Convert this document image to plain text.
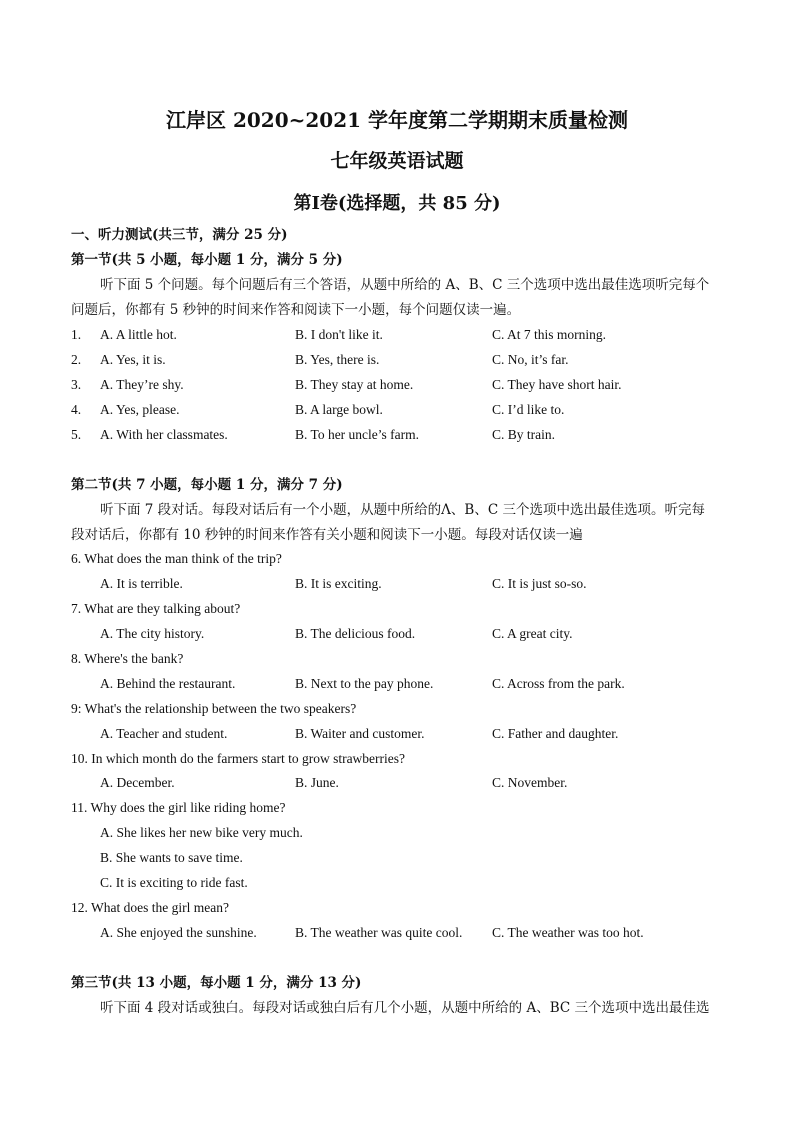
江岸区 2020~2021 学年度第二学期期末质量检测
七年级英语试题
第Ⅰ卷(选择题，共 85 分)
一、听力测试(共三节，满分 25 分)
第一节(共 5 小题，每小题 1 分，满分 5 分)
听下面 5 个问题。每个问题后有三个答语，从题中所给的 A、B、C 三个选项中选出最佳选项听完每个
问题后，你都有 5 秒钟的时间来作答和阅读下一小题，每个问题仅读一遍。
1. A. A little hot.	B. I don't like it.	C. At 7 this morning.
2. A. Yes, it is.	B. Yes, there is.	C. No, it’s far.
3. A. They’re shy.	B. They stay at home.	C. They have short hair.
4. A. Yes, please.	B. A large bowl.	C. I’d like to.
5. A. With her classmates.	B. To her uncle’s farm.	C. By train.
第二节(共 7 小题，每小题 1 分，满分 7 分)
听下面 7 段对话。每段对话后有一个小题，从题中所给的Λ、B、C 三个选项中选出最佳选项。听完每
段对话后，你都有 10 秒钟的时间来作答有关小题和阅读下一小题。每段对话仅读一遍
6. What does the man think of the trip?
A. It is terrible.	B. It is exciting.	C. It is just so-so.
7. What are they talking about?
A. The city history.	B. The delicious food.	C. A great city.
8. Where's the bank?
A. Behind the restaurant.	B. Next to the pay phone.	C. Across from the park.
9: What's the relationship between the two speakers?
A. Teacher and student.	B. Waiter and customer.	C. Father and daughter.
10. In which month do the farmers start to grow strawberries?
A. December.	B. June.	C. November.
11. Why does the girl like riding home?
A. She likes her new bike very much.
B. She wants to save time.
C. It is exciting to ride fast.
12. What does the girl mean?
A. She enjoyed the sunshine.	B. The weather was quite cool. C. The weather was too hot.
第三节(共 13 小题，每小题 1 分，满分 13 分)
听下面 4 段对话或独白。每段对话或独白后有几个小题，从题中所给的 A、BC 三个选项中选出最佳选
